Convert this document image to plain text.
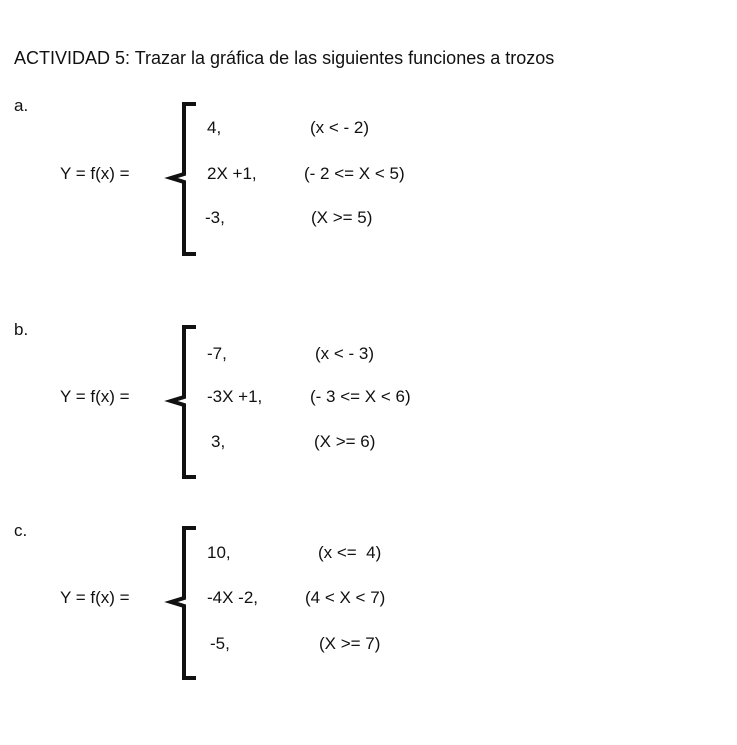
ACTIVIDAD 5: Trazar la gráfica de las siguientes funciones a trozos
a.
Y = f(x) =
4,	(x < - 2)
2X +1,	(- 2 <= X < 5)
-3,	(X >= 5)
b.
Y = f(x) =
-7,	(x < - 3)
-3X +1,	(- 3 <= X < 6)
3,	(X >= 6)
c.
Y = f(x) =
10,	(x <=  4)
-4X -2,	(4 < X < 7)
-5,	(X >= 7)
